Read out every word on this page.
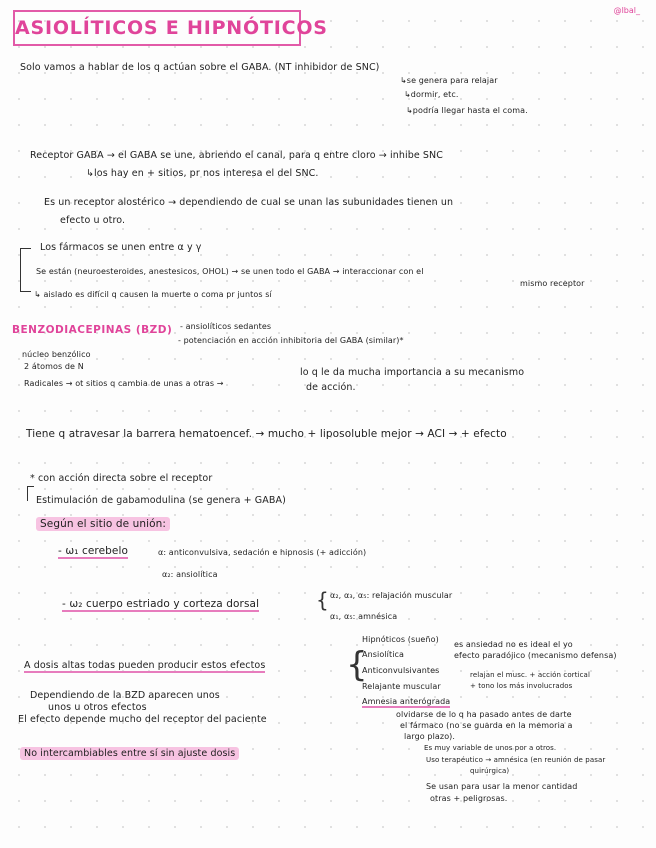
ASIOLÍTICOS E HIPNÓTICOS
@lbal_
Solo vamos a hablar de los q actúan sobre el GABA. (NT inhibidor de SNC)
↳se genera para relajar
↳dormir, etc.
↳podría llegar hasta el coma.
Receptor GABA → el GABA se une, abriendo el canal, para q entre cloro → inhibe SNC
↳los hay en + sitios, pr nos interesa el del SNC.
Es un receptor alostérico → dependiendo de cual se unan las subunidades tienen un
efecto u otro.
Los fármacos se unen entre α y γ
Se están (neuroesteroides, anestesicos, OHOL) → se unen todo el GABA → interaccionar con el
mismo receptor
↳ aislado es difícil q causen la muerte o coma pr juntos sí
BENZODIACEPINAS (BZD) - ansiolíticos sedantes
- potenciación en acción inhibitoria del GABA (similar)*
núcleo benzólico
2 átomos de N
Radicales → ot sitios q cambia de unas a otras →
lo q le da mucha importancia a su mecanismo
de acción.
Tiene q atravesar la barrera hematoencef. → mucho + liposoluble mejor → ACI → + efecto
* con acción directa sobre el receptor
Estimulación de gabamodulina (se genera + GABA)
Según el sitio de unión:
- ω₁ cerebelo	α: anticonvulsiva, sedación e hipnosis (+ adicción)
α₂: ansiolítica
- ω₂ cuerpo estriado y corteza dorsal	{ α₂, α₃, α₅: relajación muscular
α₁, α₅: amnésica
A dosis altas todas pueden producir estos efectos {
Hipnóticos (sueño)
Ansiolítica
Anticonvulsivantes
Relajante muscular
Amnesia anterógrada
es ansiedad no es ideal el yo
efecto paradójico (mecanismo defensa)
relajan el musc. + acción cortical
+ tono los más involucrados
olvidarse de lo q ha pasado antes de darte
el fármaco (no se guarda en la memoria a
largo plazo).
Es muy variable de unos por a otros.
Uso terapéutico → amnésica (en reunión de pasar
quirúrgica)
Se usan para usar la menor cantidad
otras + peligrosas.
Dependiendo de la BZD aparecen unos
unos u otros efectos
El efecto depende mucho del receptor del paciente
No intercambiables entre sí sin ajuste dosis
